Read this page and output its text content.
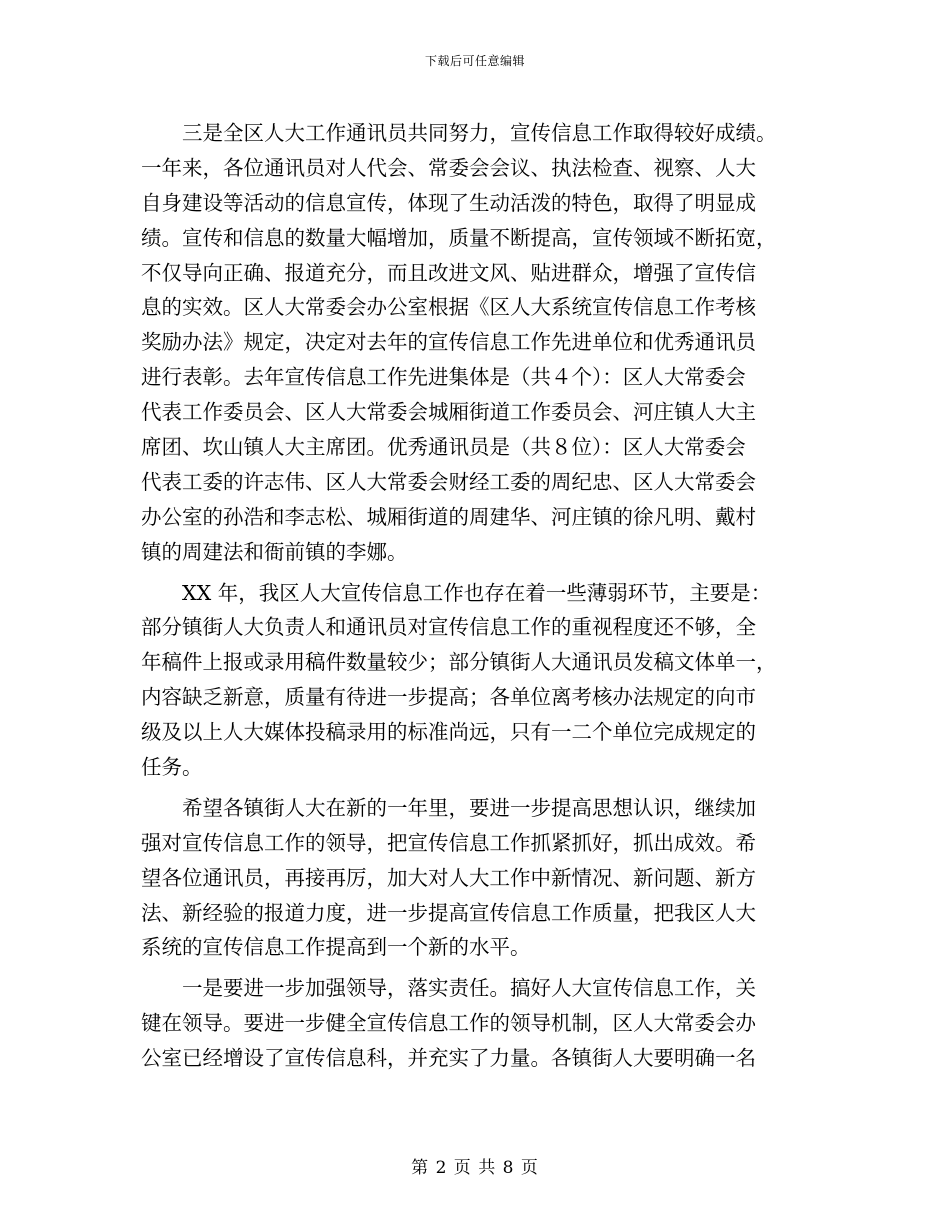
下载后可任意编辑
　　三是全区人大工作通讯员共同努力，宣传信息工作取得较好成绩。
一年来，各位通讯员对人代会、常委会会议、执法检查、视察、人大
自身建设等活动的信息宣传，体现了生动活泼的特色，取得了明显成
绩。宣传和信息的数量大幅增加，质量不断提高，宣传领域不断拓宽，
不仅导向正确、报道充分，而且改进文风、贴进群众，增强了宣传信
息的实效。区人大常委会办公室根据《区人大系统宣传信息工作考核
奖励办法》规定，决定对去年的宣传信息工作先进单位和优秀通讯员
进行表彰。去年宣传信息工作先进集体是（共４个）：区人大常委会
代表工作委员会、区人大常委会城厢街道工作委员会、河庄镇人大主
席团、坎山镇人大主席团。优秀通讯员是（共８位）：区人大常委会
代表工委的许志伟、区人大常委会财经工委的周纪忠、区人大常委会
办公室的孙浩和李志松、城厢街道的周建华、河庄镇的徐凡明、戴村
镇的周建法和衙前镇的李娜。
　　XX 年，我区人大宣传信息工作也存在着一些薄弱环节，主要是：
部分镇街人大负责人和通讯员对宣传信息工作的重视程度还不够，全
年稿件上报或录用稿件数量较少；部分镇街人大通讯员发稿文体单一，
内容缺乏新意，质量有待进一步提高；各单位离考核办法规定的向市
级及以上人大媒体投稿录用的标准尚远，只有一二个单位完成规定的
任务。
　　希望各镇街人大在新的一年里，要进一步提高思想认识，继续加
强对宣传信息工作的领导，把宣传信息工作抓紧抓好，抓出成效。希
望各位通讯员，再接再厉，加大对人大工作中新情况、新问题、新方
法、新经验的报道力度，进一步提高宣传信息工作质量，把我区人大
系统的宣传信息工作提高到一个新的水平。
　　一是要进一步加强领导，落实责任。搞好人大宣传信息工作，关
键在领导。要进一步健全宣传信息工作的领导机制，区人大常委会办
公室已经增设了宣传信息科，并充实了力量。各镇街人大要明确一名
第 2 页 共 8 页
